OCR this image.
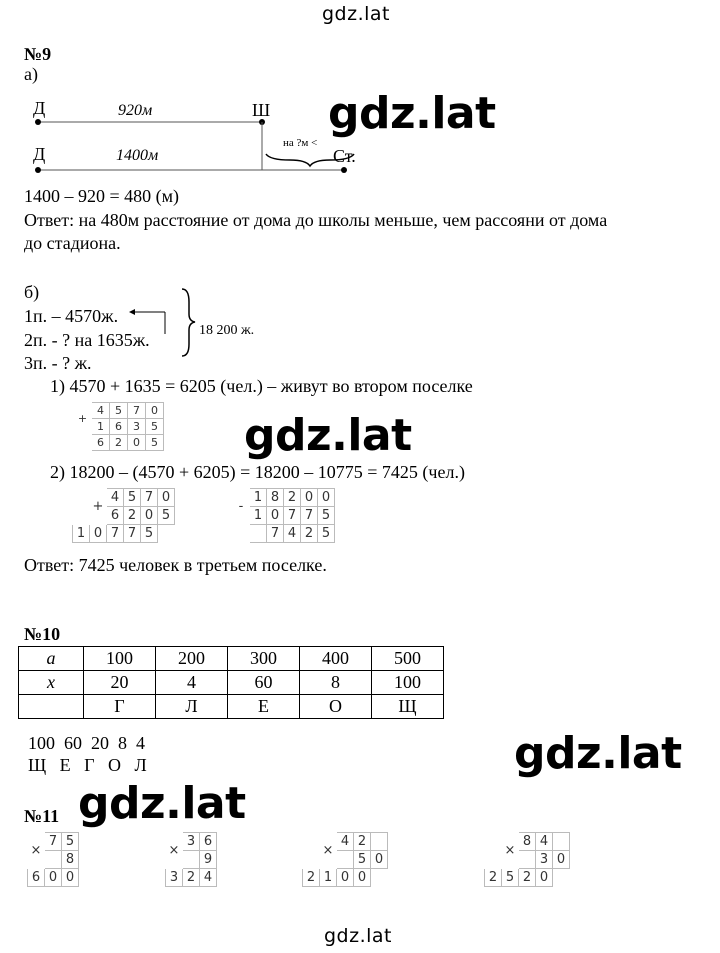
gdz.lat
gdz.lat
gdz.lat
gdz.lat
gdz.lat
gdz.lat
№9
а)
Д
Д
Ш
920м
1400м
на ?м <
Ст.
1400 – 920 = 480 (м)
Ответ: на 480м расстояние от дома до школы меньше, чем рассояни от дома
до стадиона.
б)
1п. – 4570ж.
2п. - ? на 1635ж.
3п. - ? ж.
18 200 ж.
1) 4570 + 1635 = 6205 (чел.) – живут во втором поселке
+	4	5	7	0
	1	6	3	5
	6	2	0	5
2) 18200 – (4570 + 6205) = 18200 – 10775 = 7425 (чел.)
	+	4	5	7	0
		6	2	0	5
1	0	7	7	5	
-	1	8	2	0	0
	1	0	7	7	5
		7	4	2	5
Ответ: 7425 человек в третьем поселке.
№10
a	100	200	300	400	500
x	20	4	60	8	100
	Г	Л	Е	О	Щ
100  60  20  8  4
Щ   Е   Г   О   Л
№11
×	7	5
		8
6	0	0
×	3	6
		9
3	2	4
	×	4	2	
			5	0
2	1	0	0	
	×	8	4	
			3	0
2	5	2	0	
